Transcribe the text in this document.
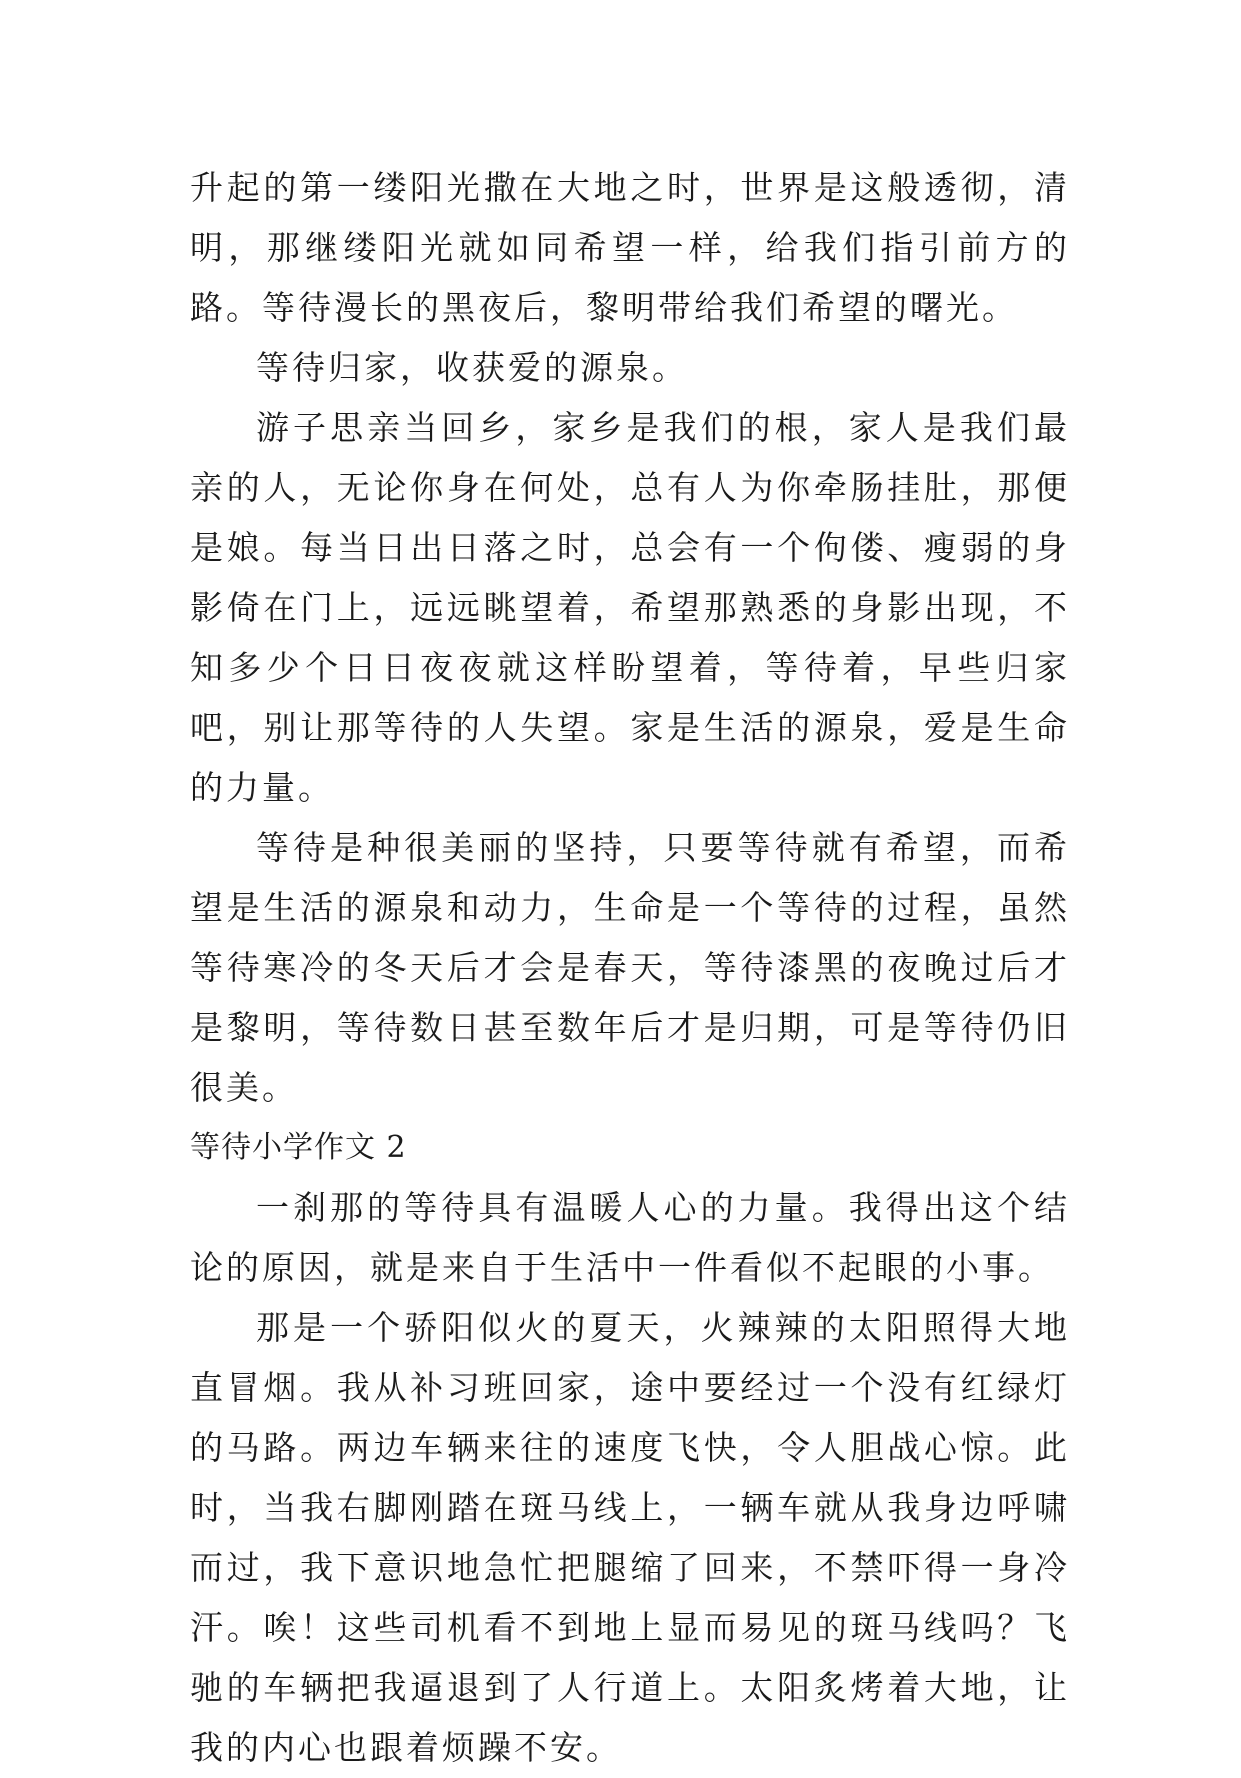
升起的第一缕阳光撒在大地之时，世界是这般透彻，清明，那继缕阳光就如同希望一样，给我们指引前方的路。等待漫长的黑夜后，黎明带给我们希望的曙光。

等待归家，收获爱的源泉。

游子思亲当回乡，家乡是我们的根，家人是我们最亲的人，无论你身在何处，总有人为你牵肠挂肚，那便是娘。每当日出日落之时，总会有一个佝偻、瘦弱的身影倚在门上，远远眺望着，希望那熟悉的身影出现，不知多少个日日夜夜就这样盼望着，等待着，早些归家吧，别让那等待的人失望。家是生活的源泉，爱是生命的力量。

等待是种很美丽的坚持，只要等待就有希望，而希望是生活的源泉和动力，生命是一个等待的过程，虽然等待寒冷的冬天后才会是春天，等待漆黑的夜晚过后才是黎明，等待数日甚至数年后才是归期，可是等待仍旧很美。

等待小学作文 2

一刹那的等待具有温暖人心的力量。我得出这个结论的原因，就是来自于生活中一件看似不起眼的小事。

那是一个骄阳似火的夏天，火辣辣的太阳照得大地直冒烟。我从补习班回家，途中要经过一个没有红绿灯的马路。两边车辆来往的速度飞快，令人胆战心惊。此时，当我右脚刚踏在斑马线上，一辆车就从我身边呼啸而过，我下意识地急忙把腿缩了回来，不禁吓得一身冷汗。唉！这些司机看不到地上显而易见的斑马线吗？飞驰的车辆把我逼退到了人行道上。太阳炙烤着大地，让我的内心也跟着烦躁不安。
